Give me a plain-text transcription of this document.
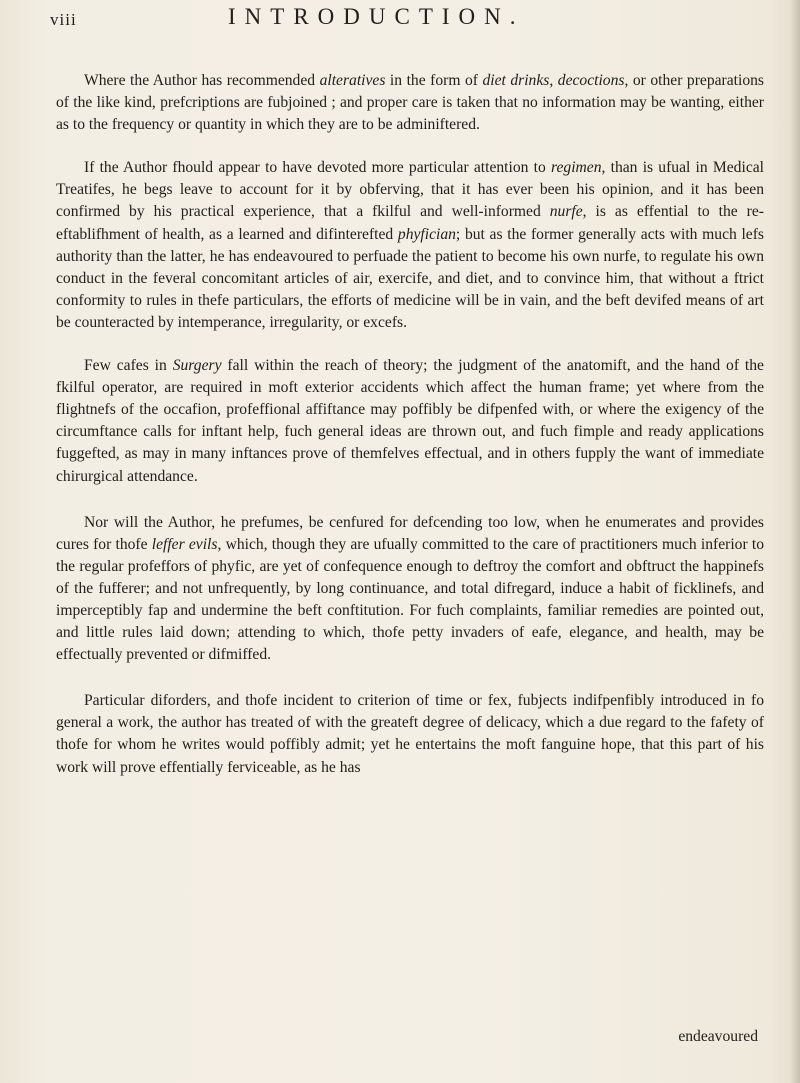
viii	INTRODUCTION.

Where the Author has recommended alteratives in the form of diet drinks, decoctions, or other preparations of the like kind, prefcriptions are fubjoined ; and proper care is taken that no information may be wanting, either as to the frequency or quantity in which they are to be adminiftered.

If the Author fhould appear to have devoted more particular attention to regimen, than is ufual in Medical Treatifes, he begs leave to account for it by obferving, that it has ever been his opinion, and it has been confirmed by his practical experience, that a fkilful and well-informed nurfe, is as effential to the re-eftablifhment of health, as a learned and difinterefted phyfician; but as the former generally acts with much lefs authority than the latter, he has endeavoured to perfuade the patient to become his own nurfe, to regulate his own conduct in the feveral concomitant articles of air, exercife, and diet, and to convince him, that without a ftrict conformity to rules in thefe particulars, the efforts of medicine will be in vain, and the beft devifed means of art be counteracted by intemperance, irregularity, or excefs.

Few cafes in Surgery fall within the reach of theory; the judgment of the anatomift, and the hand of the fkilful operator, are required in moft exterior accidents which affect the human frame; yet where from the flightnefs of the occafion, profeffional affiftance may poffibly be difpenfed with, or where the exigency of the circumftance calls for inftant help, fuch general ideas are thrown out, and fuch fimple and ready applications fuggefted, as may in many inftances prove of themfelves effectual, and in others fupply the want of immediate chirurgical attendance.

Nor will the Author, he prefumes, be cenfured for defcending too low, when he enumerates and provides cures for thofe leffer evils, which, though they are ufually committed to the care of practitioners much inferior to the regular profeffors of phyfic, are yet of confequence enough to deftroy the comfort and obftruct the happinefs of the fufferer; and not unfrequently, by long continuance, and total difregard, induce a habit of ficklinefs, and imperceptibly fap and undermine the beft conftitution. For fuch complaints, familiar remedies are pointed out, and little rules laid down; attending to which, thofe petty invaders of eafe, elegance, and health, may be effectually prevented or difmiffed.

Particular diforders, and thofe incident to criterion of time or fex, fubjects indifpenfibly introduced in fo general a work, the author has treated of with the greateft degree of delicacy, which a due regard to the fafety of thofe for whom he writes would poffibly admit; yet he entertains the moft fanguine hope, that this part of his work will prove effentially ferviceable, as he has

endeavoured
